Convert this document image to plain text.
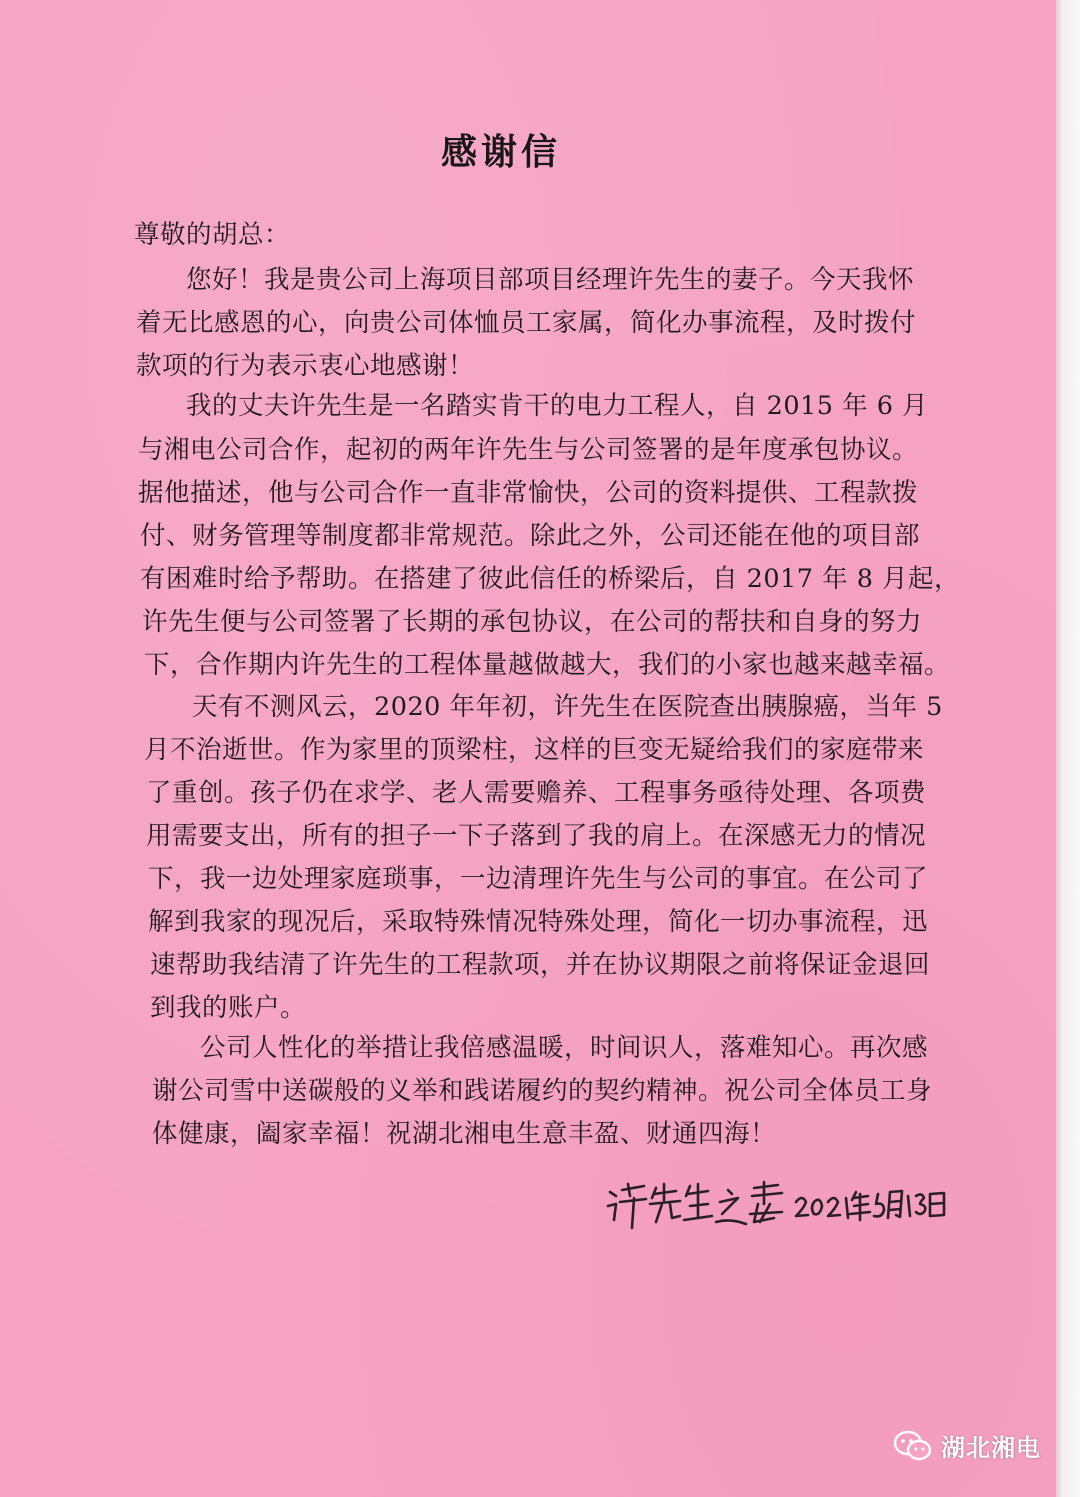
感谢信
尊敬的胡总：
您好！我是贵公司上海项目部项目经理许先生的妻子。今天我怀
着无比感恩的心，向贵公司体恤员工家属，简化办事流程，及时拨付
款项的行为表示衷心地感谢！
我的丈夫许先生是一名踏实肯干的电力工程人，自 2015 年 6 月
与湘电公司合作，起初的两年许先生与公司签署的是年度承包协议。
据他描述，他与公司合作一直非常愉快，公司的资料提供、工程款拨
付、财务管理等制度都非常规范。除此之外，公司还能在他的项目部
有困难时给予帮助。在搭建了彼此信任的桥梁后，自 2017 年 8 月起，
许先生便与公司签署了长期的承包协议，在公司的帮扶和自身的努力
下，合作期内许先生的工程体量越做越大，我们的小家也越来越幸福。
天有不测风云，2020 年年初，许先生在医院查出胰腺癌，当年 5
月不治逝世。作为家里的顶梁柱，这样的巨变无疑给我们的家庭带来
了重创。孩子仍在求学、老人需要赡养、工程事务亟待处理、各项费
用需要支出，所有的担子一下子落到了我的肩上。在深感无力的情况
下，我一边处理家庭琐事，一边清理许先生与公司的事宜。在公司了
解到我家的现况后，采取特殊情况特殊处理，简化一切办事流程，迅
速帮助我结清了许先生的工程款项，并在协议期限之前将保证金退回
到我的账户。
公司人性化的举措让我倍感温暖，时间识人，落难知心。再次感
谢公司雪中送碳般的义举和践诺履约的契约精神。祝公司全体员工身
体健康，阖家幸福！祝湖北湘电生意丰盈、财通四海！
湖北湘电
